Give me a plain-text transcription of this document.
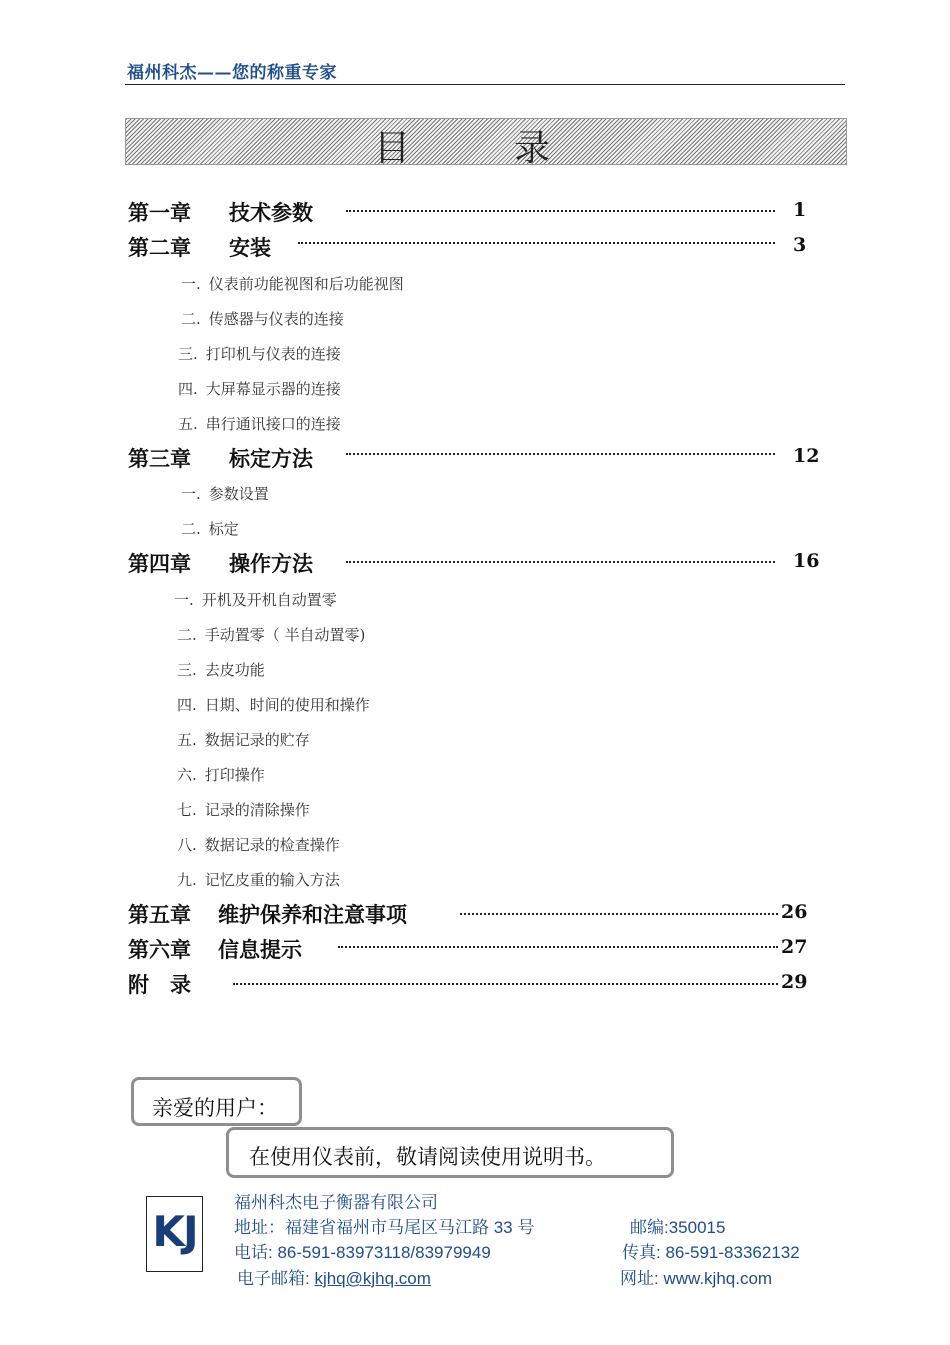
福州科杰——您的称重专家
目	录
第一章 技术参数	1
第二章 安装	3
一. 仪表前功能视图和后功能视图
二. 传感器与仪表的连接
三. 打印机与仪表的连接
四. 大屏幕显示器的连接
五. 串行通讯接口的连接
第三章 标定方法	12
一. 参数设置
二. 标定
第四章 操作方法	16
一. 开机及开机自动置零
二. 手动置零（ 半自动置零)
三. 去皮功能
四. 日期、时间的使用和操作
五. 数据记录的贮存
六. 打印操作
七. 记录的清除操作
八. 数据记录的检查操作
九. 记忆皮重的输入方法
第五章 维护保养和注意事项	26
第六章 信息提示	27
附　录	29
亲爱的用户：
在使用仪表前，敬请阅读使用说明书。
KJ
福州科杰电子衡器有限公司
地址：福建省福州市马尾区马江路 33 号	邮编:350015
电话: 86-591-83973118/83979949	传真: 86-591-83362132
电子邮箱: kjhq@kjhq.com	网址: www.kjhq.com
